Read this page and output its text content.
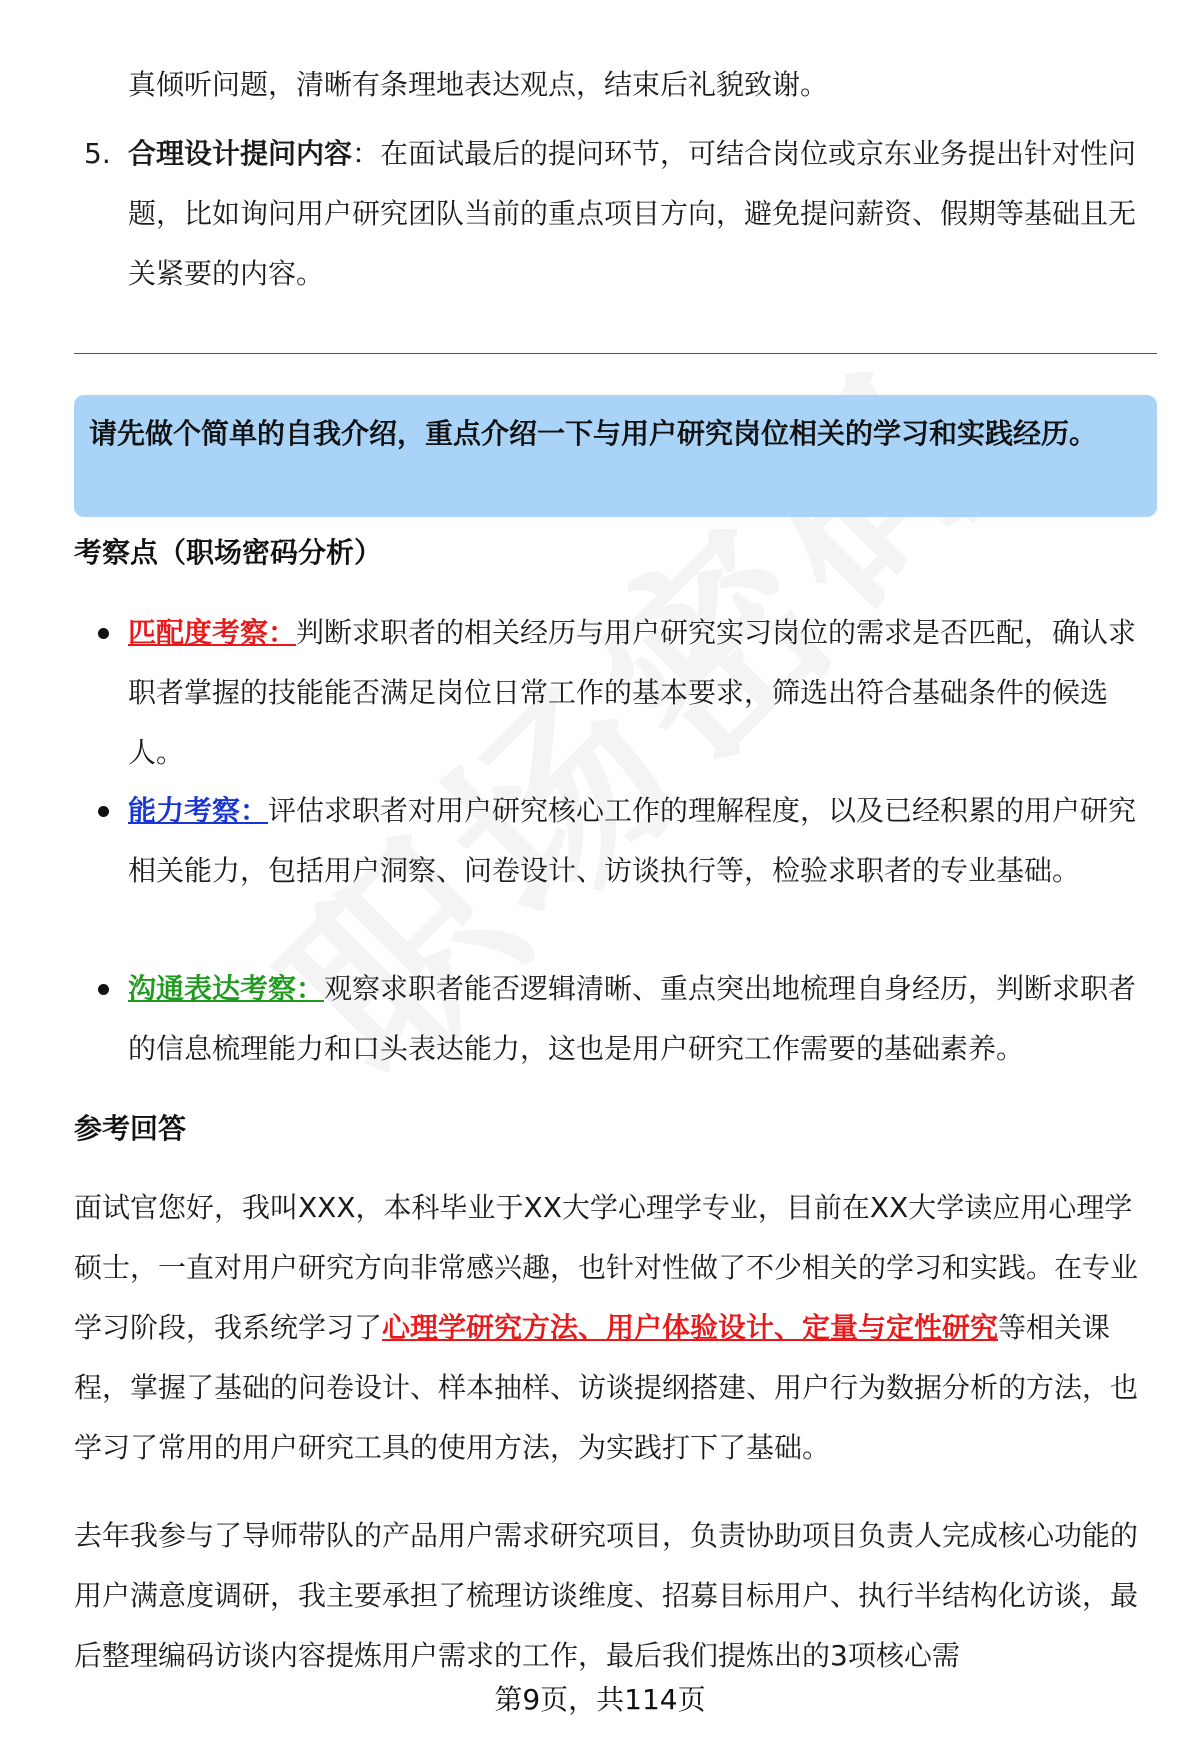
真倾听问题，清晰有条理地表达观点，结束后礼貌致谢。
5. 合理设计提问内容：在面试最后的提问环节，可结合岗位或京东业务提出针对性问题，比如询问用户研究团队当前的重点项目方向，避免提问薪资、假期等基础且无关紧要的内容。
请先做个简单的自我介绍，重点介绍一下与用户研究岗位相关的学习和实践经历。
考察点（职场密码分析）
匹配度考察：判断求职者的相关经历与用户研究实习岗位的需求是否匹配，确认求职者掌握的技能能否满足岗位日常工作的基本要求，筛选出符合基础条件的候选人。
能力考察：评估求职者对用户研究核心工作的理解程度，以及已经积累的用户研究相关能力，包括用户洞察、问卷设计、访谈执行等，检验求职者的专业基础。
沟通表达考察：观察求职者能否逻辑清晰、重点突出地梳理自身经历，判断求职者的信息梳理能力和口头表达能力，这也是用户研究工作需要的基础素养。
参考回答
面试官您好，我叫XXX，本科毕业于XX大学心理学专业，目前在XX大学读应用心理学硕士，一直对用户研究方向非常感兴趣，也针对性做了不少相关的学习和实践。在专业学习阶段，我系统学习了心理学研究方法、用户体验设计、定量与定性研究等相关课程，掌握了基础的问卷设计、样本抽样、访谈提纲搭建、用户行为数据分析的方法，也学习了常用的用户研究工具的使用方法，为实践打下了基础。
去年我参与了导师带队的产品用户需求研究项目，负责协助项目负责人完成核心功能的用户满意度调研，我主要承担了梳理访谈维度、招募目标用户、执行半结构化访谈，最后整理编码访谈内容提炼用户需求的工作，最后我们提炼出的3项核心需
第9页，共114页
